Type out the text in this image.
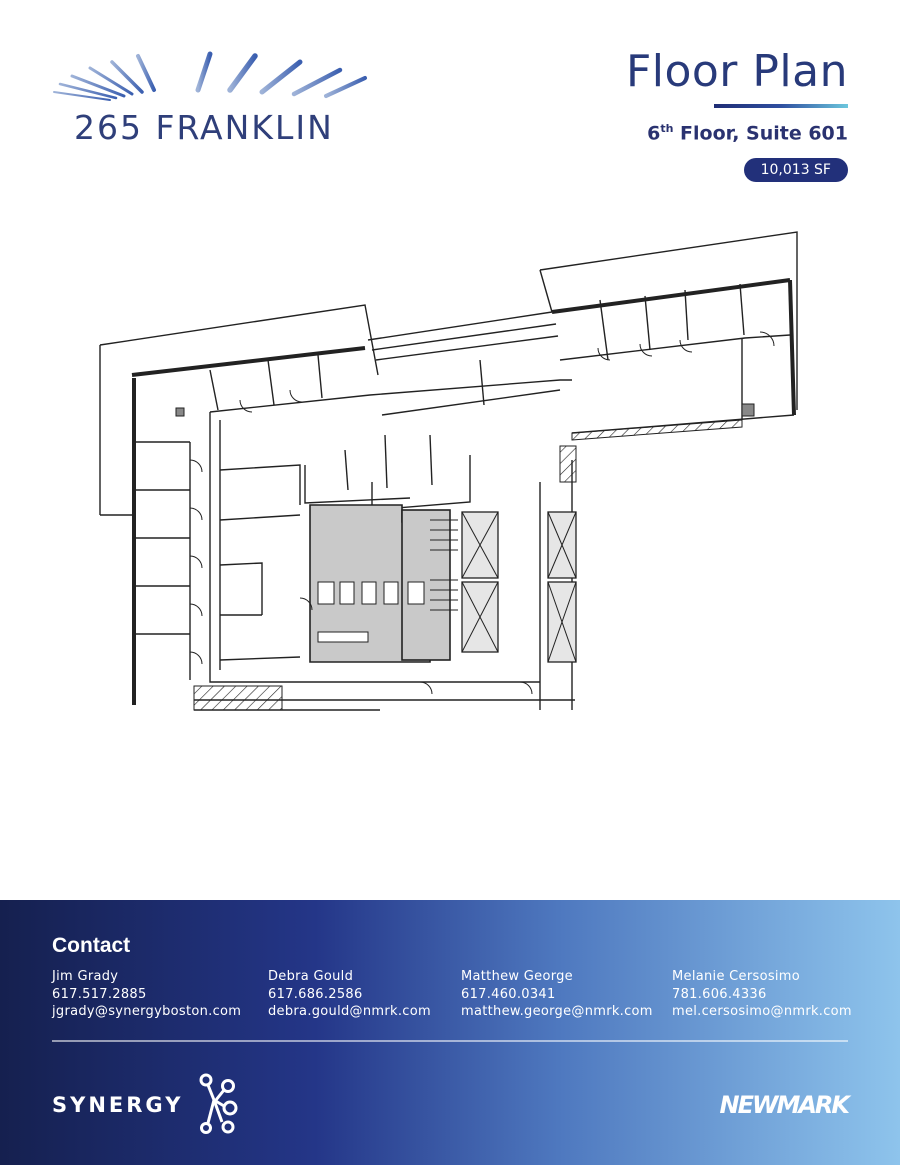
265 FRANKLIN
Floor Plan
6th Floor, Suite 601
10,013 SF
Contact
Jim Grady
617.517.2885
jgrady@synergyboston.com
Debra Gould
617.686.2586
debra.gould@nmrk.com
Matthew George
617.460.0341
matthew.george@nmrk.com
Melanie Cersosimo
781.606.4336
mel.cersosimo@nmrk.com
SYNERGY	NEWMARK
